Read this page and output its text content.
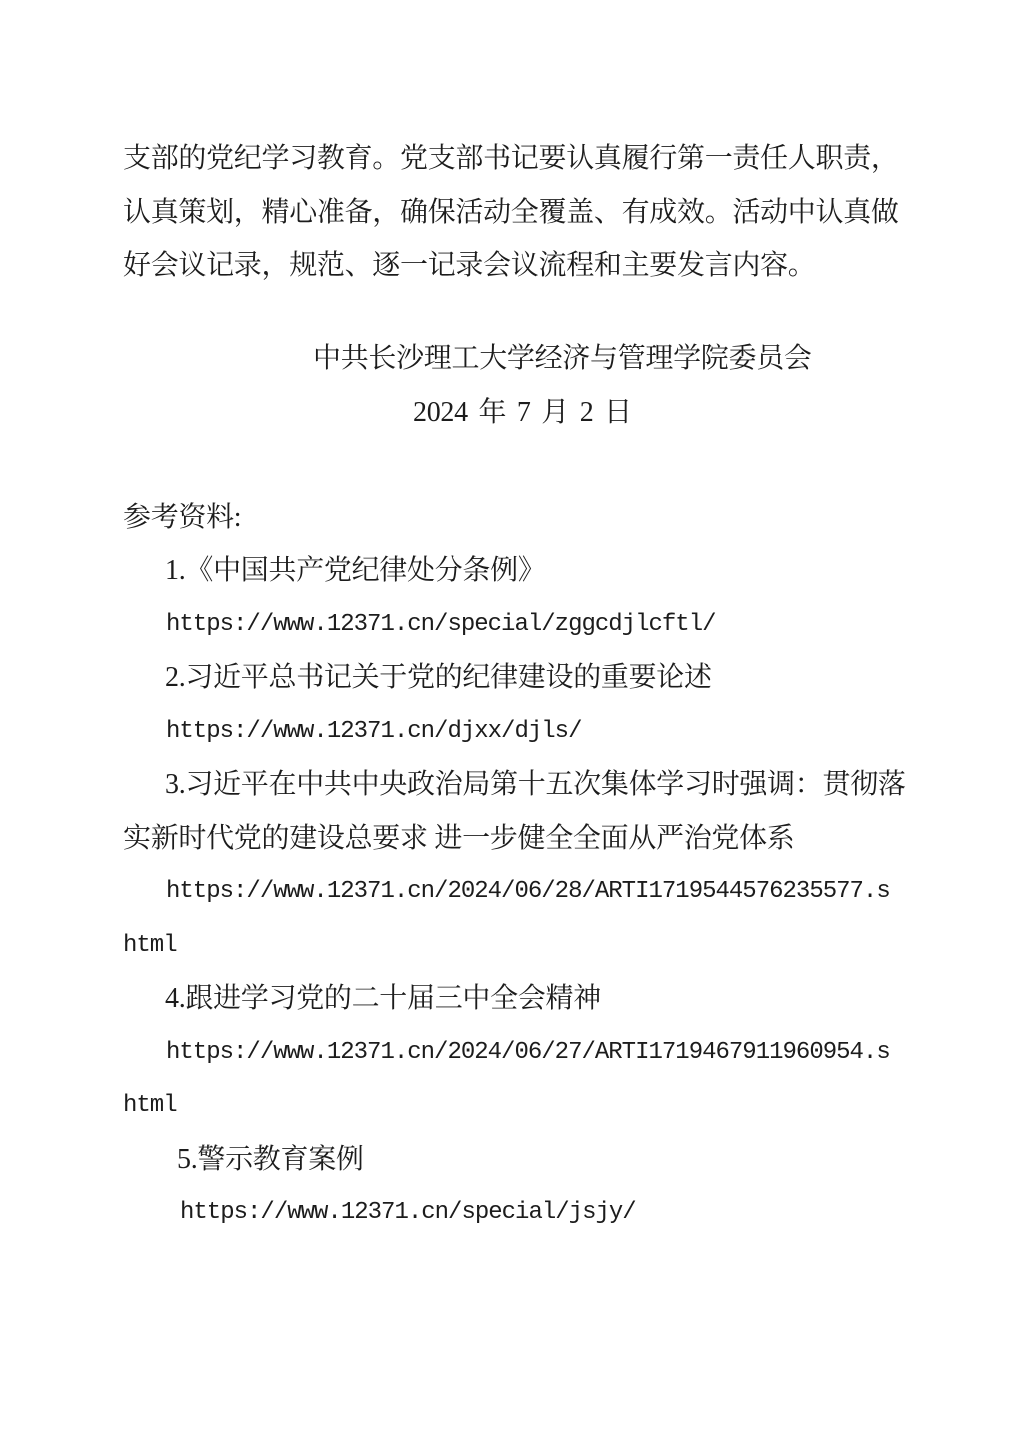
支部的党纪学习教育。党支部书记要认真履行第一责任人职责，
认真策划，精心准备，确保活动全覆盖、有成效。活动中认真做
好会议记录，规范、逐一记录会议流程和主要发言内容。
中共长沙理工大学经济与管理学院委员会
2024 年 7 月 2 日
参考资料:
1.《中国共产党纪律处分条例》
https://www.12371.cn/special/zggcdjlcftl/
2.习近平总书记关于党的纪律建设的重要论述
https://www.12371.cn/djxx/djls/
3.习近平在中共中央政治局第十五次集体学习时强调：贯彻落
实新时代党的建设总要求 进一步健全全面从严治党体系
https://www.12371.cn/2024/06/28/ARTI1719544576235577.s
html
4.跟进学习党的二十届三中全会精神
https://www.12371.cn/2024/06/27/ARTI1719467911960954.s
html
5.警示教育案例
https://www.12371.cn/special/jsjy/
